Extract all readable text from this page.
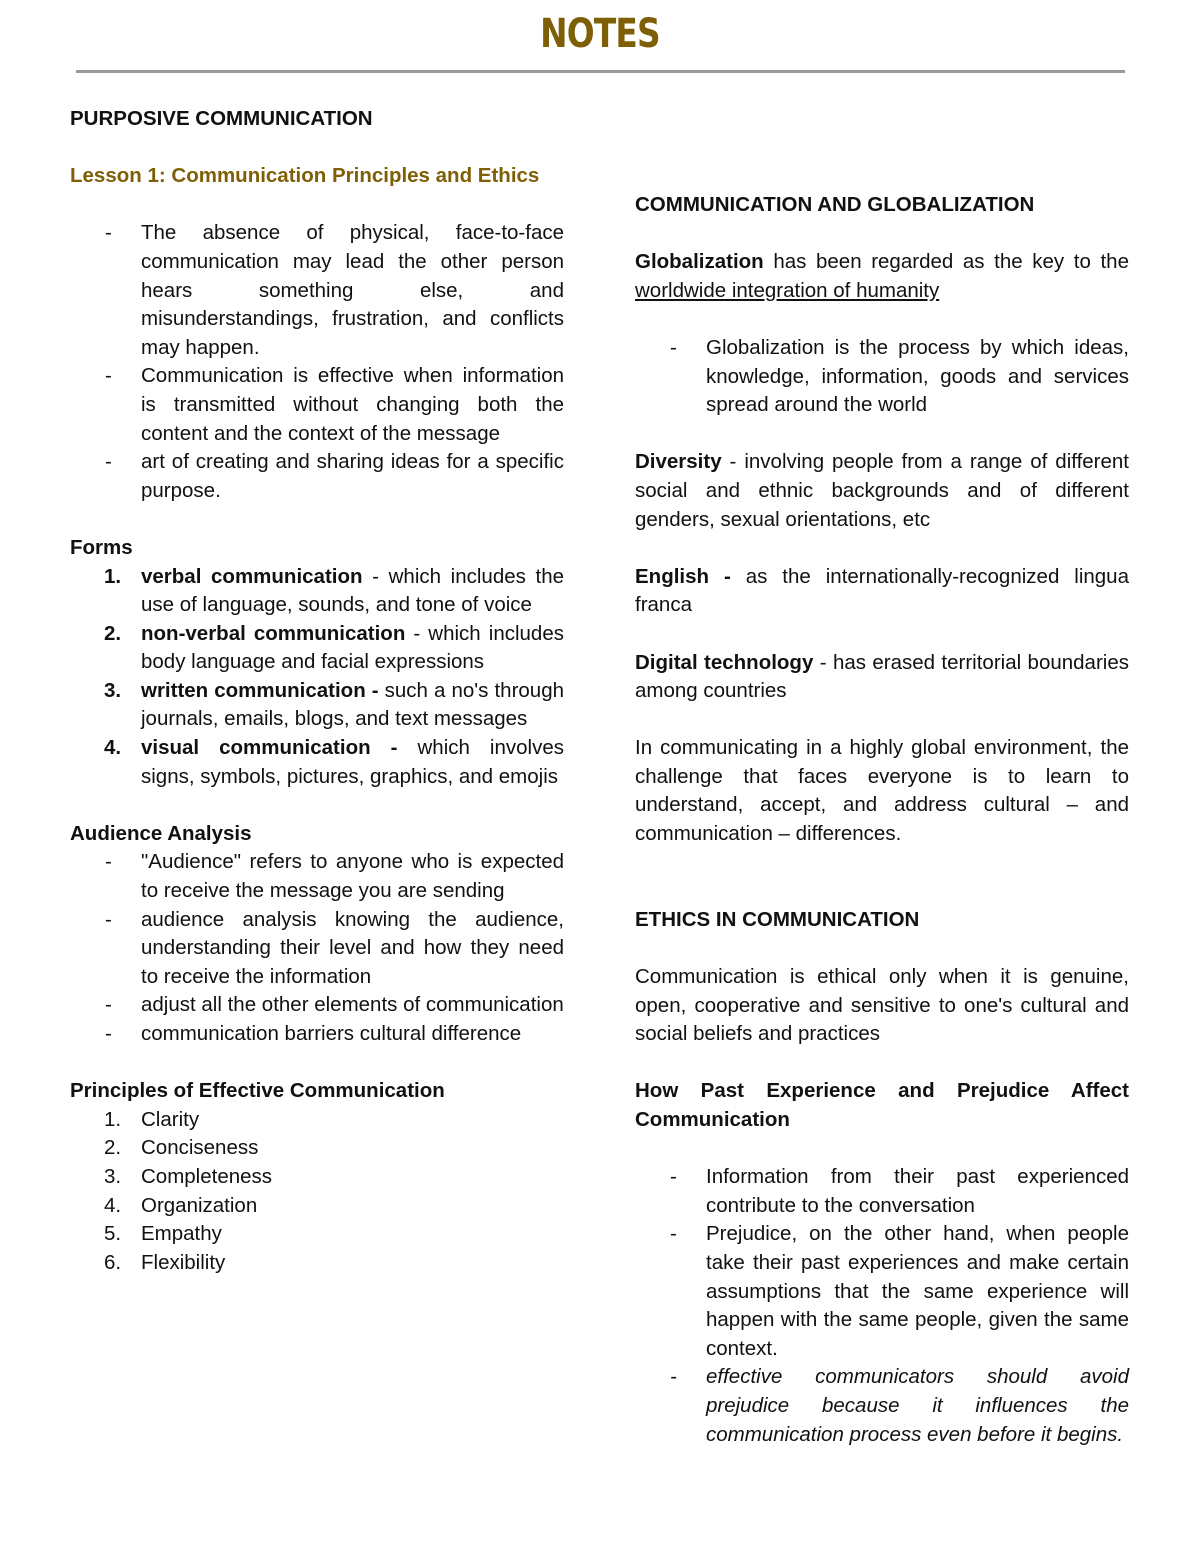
NOTES

PURPOSIVE COMMUNICATION

Lesson 1: Communication Principles and Ethics

- The absence of physical, face-to-face communication may lead the other person hears something else, and misunderstandings, frustration, and conflicts may happen.
- Communication is effective when information is transmitted without changing both the content and the context of the message
- art of creating and sharing ideas for a specific purpose.

Forms

1. verbal communication - which includes the use of language, sounds, and tone of voice
2. non-verbal communication - which includes body language and facial expressions
3. written communication - such a no's through journals, emails, blogs, and text messages
4. visual communication - which involves signs, symbols, pictures, graphics, and emojis

Audience Analysis

- "Audience" refers to anyone who is expected to receive the message you are sending
- audience analysis knowing the audience, understanding their level and how they need to receive the information
- adjust all the other elements of communication
- communication barriers cultural difference

Principles of Effective Communication

1. Clarity
2. Conciseness
3. Completeness
4. Organization
5. Empathy
6. Flexibility

COMMUNICATION AND GLOBALIZATION

Globalization has been regarded as the key to the worldwide integration of humanity

- Globalization is the process by which ideas, knowledge, information, goods and services spread around the world

Diversity - involving people from a range of different social and ethnic backgrounds and of different genders, sexual orientations, etc

English - as the internationally-recognized lingua franca

Digital technology - has erased territorial boundaries among countries

In communicating in a highly global environment, the challenge that faces everyone is to learn to understand, accept, and address cultural – and communication – differences.

ETHICS IN COMMUNICATION

Communication is ethical only when it is genuine, open, cooperative and sensitive to one's cultural and social beliefs and practices

How Past Experience and Prejudice Affect Communication

- Information from their past experienced contribute to the conversation
- Prejudice, on the other hand, when people take their past experiences and make certain assumptions that the same experience will happen with the same people, given the same context.
- effective communicators should avoid prejudice because it influences the communication process even before it begins.
